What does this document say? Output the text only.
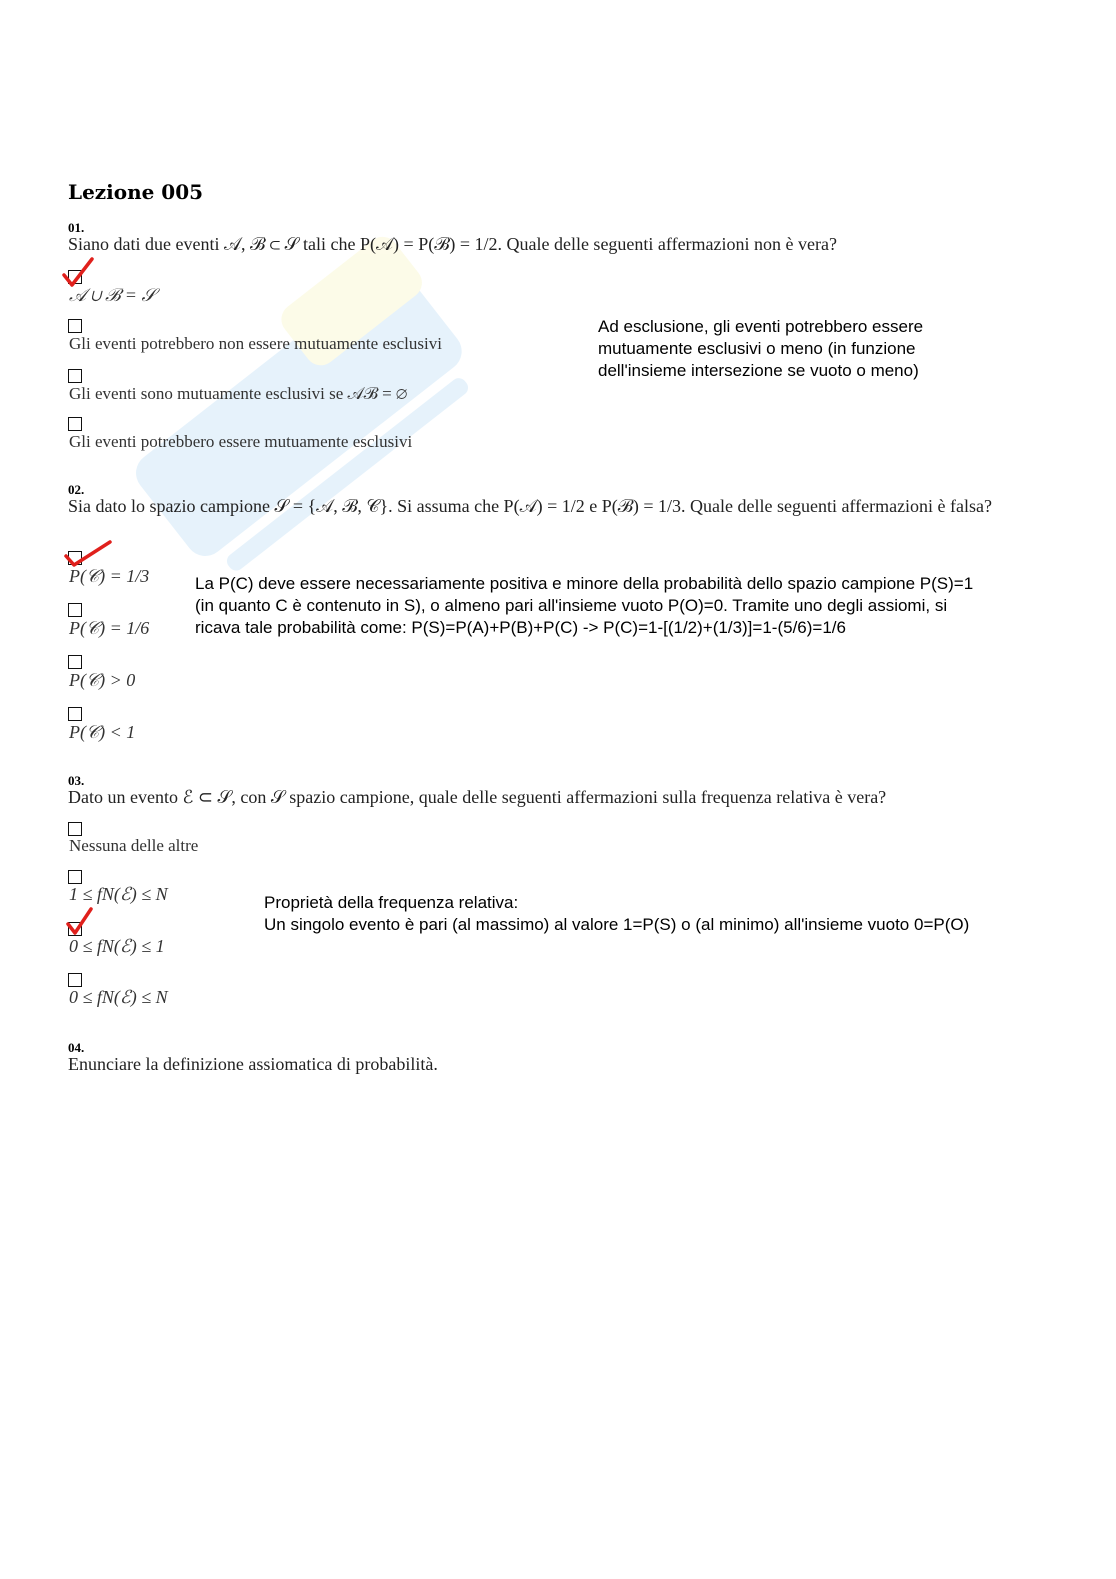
Lezione 005
01.
Siano dati due eventi 𝒜, ℬ ⊂ 𝒮 tali che P(𝒜) = P(ℬ) = 1/2. Quale delle seguenti affermazioni non è vera?
𝒜 ∪ ℬ = 𝒮
Gli eventi potrebbero non essere mutuamente esclusivi
Gli eventi sono mutuamente esclusivi se 𝒜ℬ = ∅
Gli eventi potrebbero essere mutuamente esclusivi
Ad esclusione, gli eventi potrebbero essere
mutuamente esclusivi o meno (in funzione
dell'insieme intersezione se vuoto o meno)
02.
Sia dato lo spazio campione 𝒮 = {𝒜, ℬ, 𝒞}. Si assuma che P(𝒜) = 1/2 e P(ℬ) = 1/3. Quale delle seguenti affermazioni è falsa?
P(𝒞) = 1/3
P(𝒞) = 1/6
P(𝒞) > 0
P(𝒞) < 1
La P(C) deve essere necessariamente positiva e minore della probabilità dello spazio campione P(S)=1
(in quanto C è contenuto in S), o almeno pari all'insieme vuoto P(O)=0. Tramite uno degli assiomi, si
ricava tale probabilità come: P(S)=P(A)+P(B)+P(C) -> P(C)=1-[(1/2)+(1/3)]=1-(5/6)=1/6
03.
Dato un evento ℰ ⊂ 𝒮, con 𝒮 spazio campione, quale delle seguenti affermazioni sulla frequenza relativa è vera?
Nessuna delle altre
1 ≤ fN(ℰ) ≤ N
0 ≤ fN(ℰ) ≤ 1
0 ≤ fN(ℰ) ≤ N
Proprietà della frequenza relativa:
Un singolo evento è pari (al massimo) al valore 1=P(S) o (al minimo) all'insieme vuoto 0=P(O)
04.
Enunciare la definizione assiomatica di probabilità.
